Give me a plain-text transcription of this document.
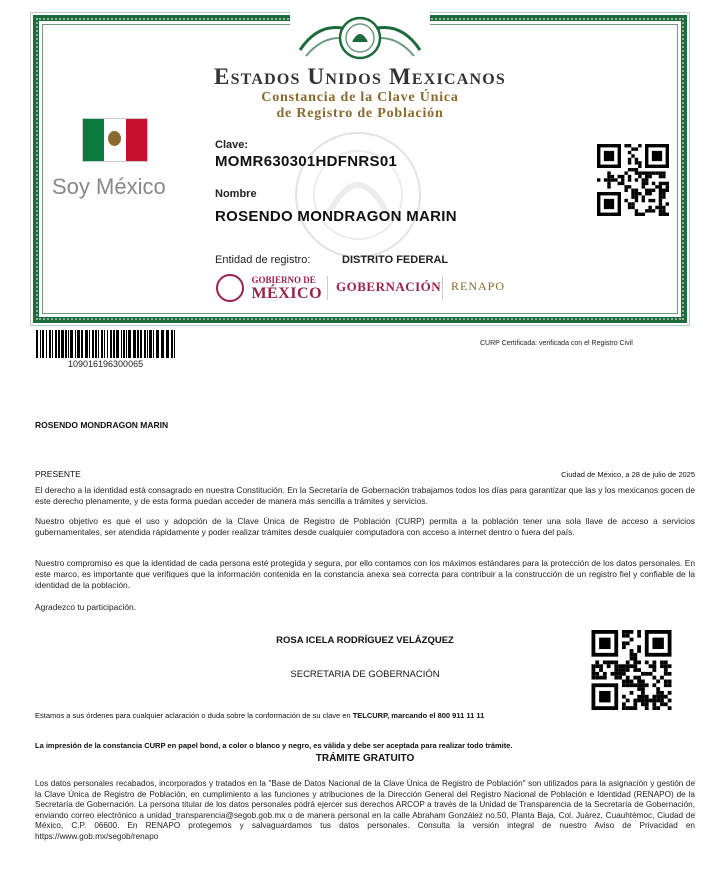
Estados Unidos Mexicanos
Constancia de la Clave Única
de Registro de Población
Soy México
Clave:
MOMR630301HDFNRS01
Nombre
ROSENDO MONDRAGON MARIN
Entidad de registro:	DISTRITO FEDERAL

GOBIERNO DE
MÉXICO GOBERNACIÓN RENAPO
109016196300065
CURP Certificada: verificada con el Registro Civil
ROSENDO MONDRAGON MARIN
PRESENTE	Ciudad de México, a 28 de julio de 2025
El derecho a la identidad está consagrado en nuestra Constitución. En la Secretaría de Gobernación trabajamos todos los días para garantizar que las y los mexicanos gocen de este derecho plenamente, y de esta forma puedan acceder de manera más sencilla a trámites y servicios.
Nuestro objetivo es que el uso y adopción de la Clave Única de Registro de Población (CURP) permita a la población tener una sola llave de acceso a servicios gubernamentales, ser atendida rápidamente y poder realizar trámites desde cualquier computadora con acceso a internet dentro o fuera del país.
Nuestro compromiso es que la identidad de cada persona esté protegida y segura, por ello contamos con los máximos estándares para la protección de los datos personales. En este marco, es importante que verifiques que la información contenida en la constancia anexa sea correcta para contribuir a la construcción de un registro fiel y confiable de la identidad de la población.
Agradezco tu participación.
ROSA ICELA RODRÍGUEZ VELÁZQUEZ
SECRETARIA DE GOBERNACIÓN
Estamos a sus órdenes para cualquier aclaración o duda sobre la conformación de su clave en TELCURP, marcando el 800 911 11 11
La impresión de la constancia CURP en papel bond, a color o blanco y negro, es válida y debe ser aceptada para realizar todo trámite.
TRÁMITE GRATUITO
Los datos personales recabados, incorporados y tratados en la "Base de Datos Nacional de la Clave Única de Registro de Población" son utilizados para la asignación y gestión de la Clave Única de Registro de Población, en cumplimiento a las funciones y atribuciones de la Dirección General del Registro Nacional de Población e Identidad (RENAPO) de la Secretaría de Gobernación. La persona titular de los datos personales podrá ejercer sus derechos ARCOP a través de la Unidad de Transparencia de la Secretaría de Gobernación, enviando correo electrónico a unidad_transparencia@segob.gob.mx o de manera personal en la calle Abraham González no.50, Planta Baja, Col. Juárez, Cuauhtémoc, Ciudad de México, C.P. 06600. En RENAPO protegemos y salvaguardamos tus datos personales. Consulta la versión integral de nuestro Aviso de Privacidad en https://www.gob.mx/segob/renapo
